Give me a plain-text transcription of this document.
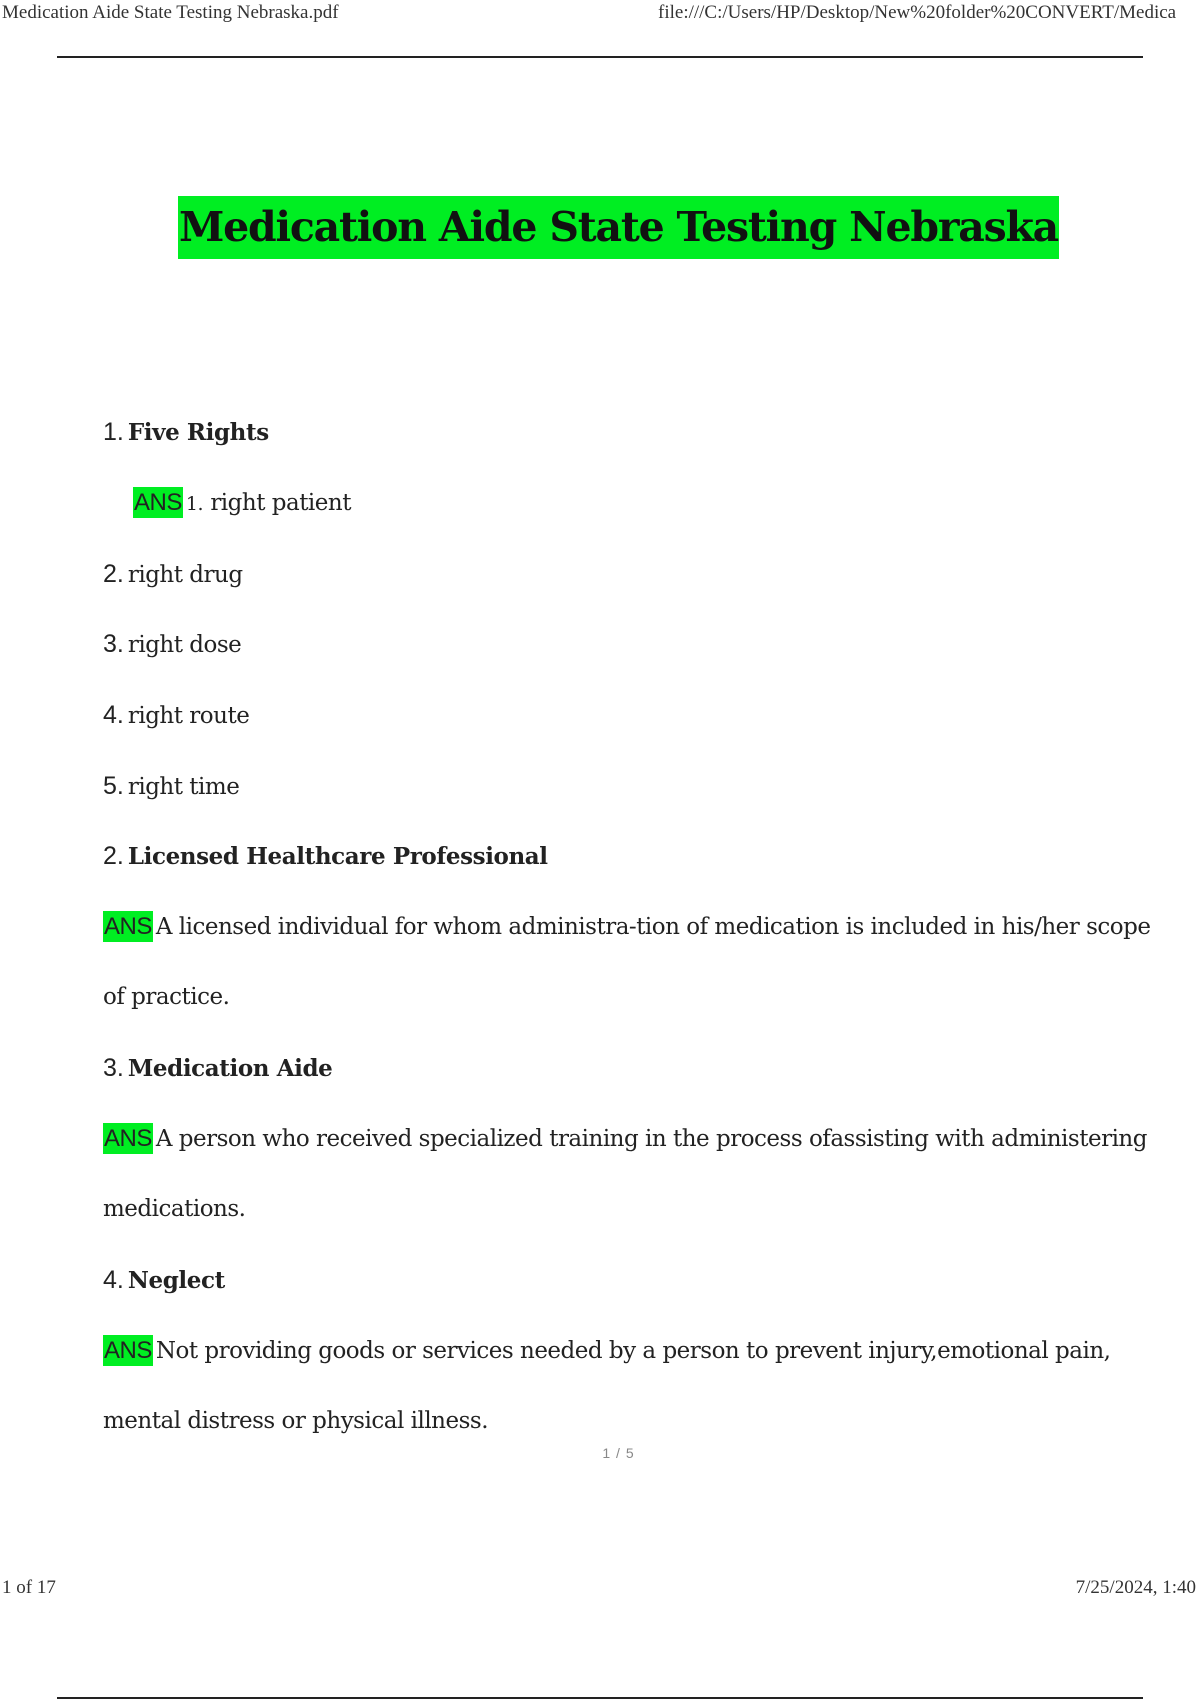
Medication Aide State Testing Nebraska.pdf	file:///C:/Users/HP/Desktop/New%20folder%20CONVERT/Medica
Medication Aide State Testing Nebraska
1. Five Rights
ANS 1. right patient
2. right drug
3. right dose
4. right route
5. right time
2. Licensed Healthcare Professional
ANS A licensed individual for whom administra-tion of medication is included in his/her scope
of practice.
3. Medication Aide
ANS A person who received specialized training in the process ofassisting with administering
medications.
4. Neglect
ANS Not providing goods or services needed by a person to prevent injury,emotional pain,
mental distress or physical illness.
1 / 5
1 of 17	7/25/2024, 1:40
